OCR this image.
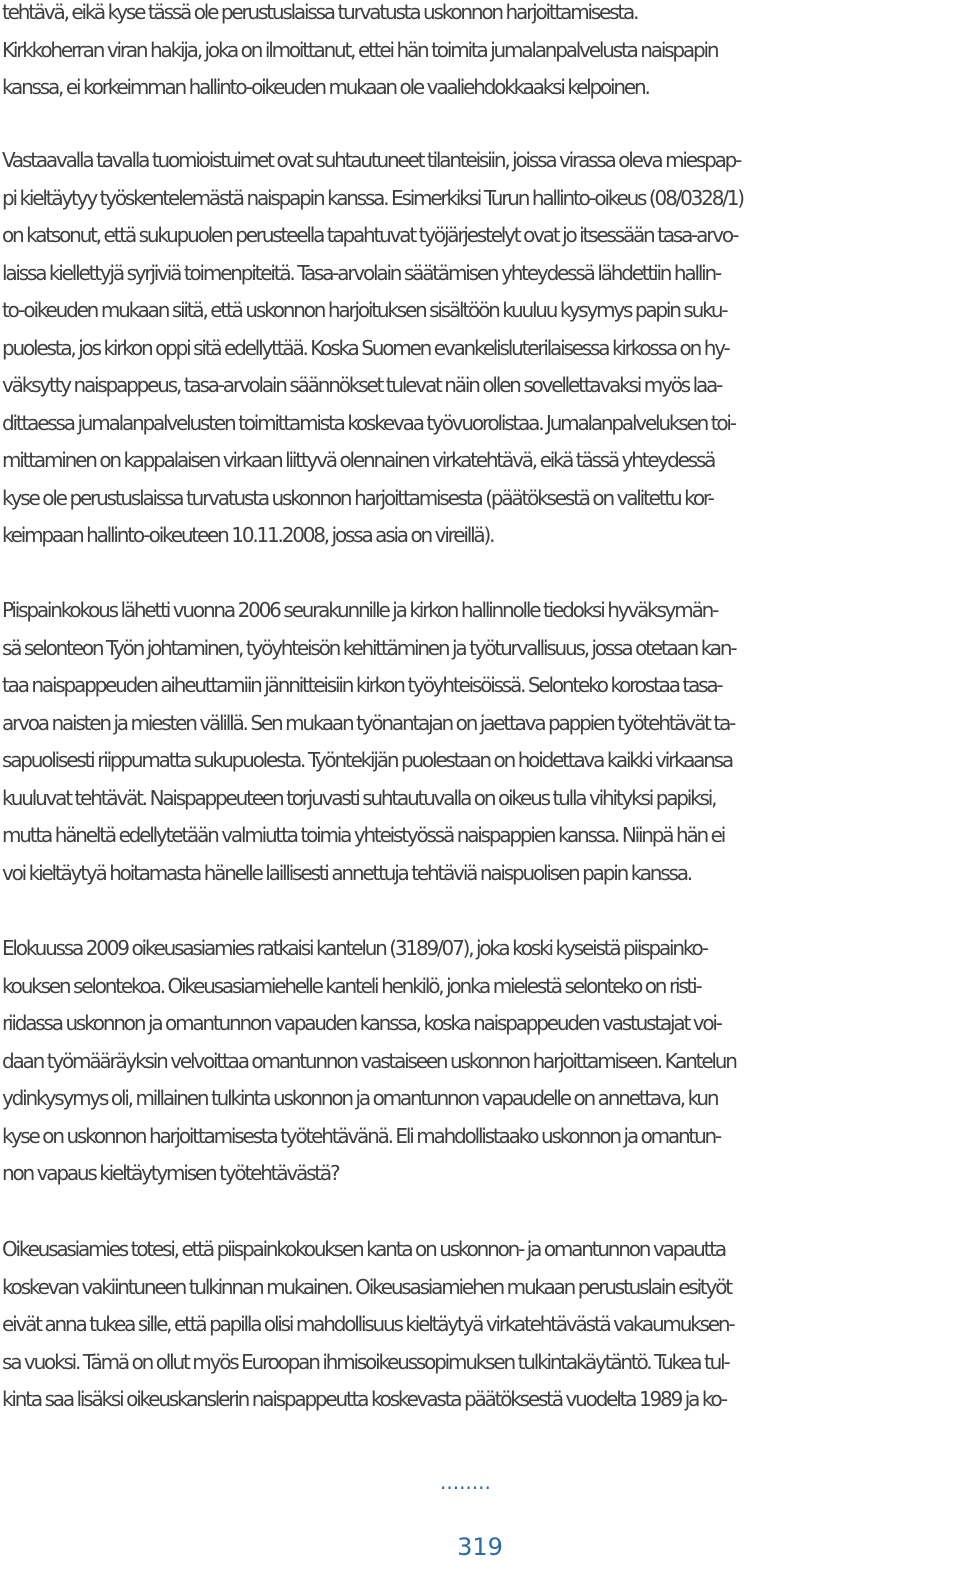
tehtävä, eikä kyse tässä ole perustuslaissa turvatusta uskonnon harjoittamisesta.
Kirkkoherran viran hakija, joka on ilmoittanut, ettei hän toimita jumalanpalvelusta naispapin
kanssa, ei korkeimman hallinto-oikeuden mukaan ole vaaliehdokkaaksi kelpoinen.
Vastaavalla tavalla tuomioistuimet ovat suhtautuneet tilanteisiin, joissa virassa oleva miespap-
pi kieltäytyy työskentelemästä naispapin kanssa. Esimerkiksi Turun hallinto-oikeus (08/0328/1)
on katsonut, että sukupuolen perusteella tapahtuvat työjärjestelyt ovat jo itsessään tasa-arvo-
laissa kiellettyjä syrjiviä toimenpiteitä. Tasa-arvolain säätämisen yhteydessä lähdettiin hallin-
to-oikeuden mukaan siitä, että uskonnon harjoituksen sisältöön kuuluu kysymys papin suku-
puolesta, jos kirkon oppi sitä edellyttää. Koska Suomen evankelisluterilaisessa kirkossa on hy-
väksytty naispappeus, tasa-arvolain säännökset tulevat näin ollen sovellettavaksi myös laa-
dittaessa jumalanpalvelusten toimittamista koskevaa työvuorolistaa. Jumalanpalveluksen toi-
mittaminen on kappalaisen virkaan liittyvä olennainen virkatehtävä, eikä tässä yhteydessä
kyse ole perustuslaissa turvatusta uskonnon harjoittamisesta (päätöksestä on valitettu kor-
keimpaan hallinto-oikeuteen 10.11.2008, jossa asia on vireillä).
Piispainkokous lähetti vuonna 2006 seurakunnille ja kirkon hallinnolle tiedoksi hyväksymän-
sä selonteon Työn johtaminen, työyhteisön kehittäminen ja työturvallisuus, jossa otetaan kan-
taa naispappeuden aiheuttamiin jännitteisiin kirkon työyhteisöissä. Selonteko korostaa tasa-
arvoa naisten ja miesten välillä. Sen mukaan työnantajan on jaettava pappien työtehtävät ta-
sapuolisesti riippumatta sukupuolesta. Työntekijän puolestaan on hoidettava kaikki virkaansa
kuuluvat tehtävät. Naispappeuteen torjuvasti suhtautuvalla on oikeus tulla vihityksi papiksi,
mutta häneltä edellytetään valmiutta toimia yhteistyössä naispappien kanssa. Niinpä hän ei
voi kieltäytyä hoitamasta hänelle laillisesti annettuja tehtäviä naispuolisen papin kanssa.
Elokuussa 2009 oikeusasiamies ratkaisi kantelun (3189/07), joka koski kyseistä piispainko-
kouksen selontekoa. Oikeusasiamiehelle kanteli henkilö, jonka mielestä selonteko on risti-
riidassa uskonnon ja omantunnon vapauden kanssa, koska naispappeuden vastustajat voi-
daan työmääräyksin velvoittaa omantunnon vastaiseen uskonnon harjoittamiseen. Kantelun
ydinkysymys oli, millainen tulkinta uskonnon ja omantunnon vapaudelle on annettava, kun
kyse on uskonnon harjoittamisesta työtehtävänä. Eli mahdollistaako uskonnon ja omantun-
non vapaus kieltäytymisen työtehtävästä?
Oikeusasiamies totesi, että piispainkokouksen kanta on uskonnon- ja omantunnon vapautta
koskevan vakiintuneen tulkinnan mukainen. Oikeusasiamiehen mukaan perustuslain esityöt
eivät anna tukea sille, että papilla olisi mahdollisuus kieltäytyä virkatehtävästä vakaumuksen-
sa vuoksi. Tämä on ollut myös Euroopan ihmisoikeussopimuksen tulkintakäytäntö. Tukea tul-
kinta saa lisäksi oikeuskanslerin naispappeutta koskevasta päätöksestä vuodelta 1989 ja ko-
........
319
